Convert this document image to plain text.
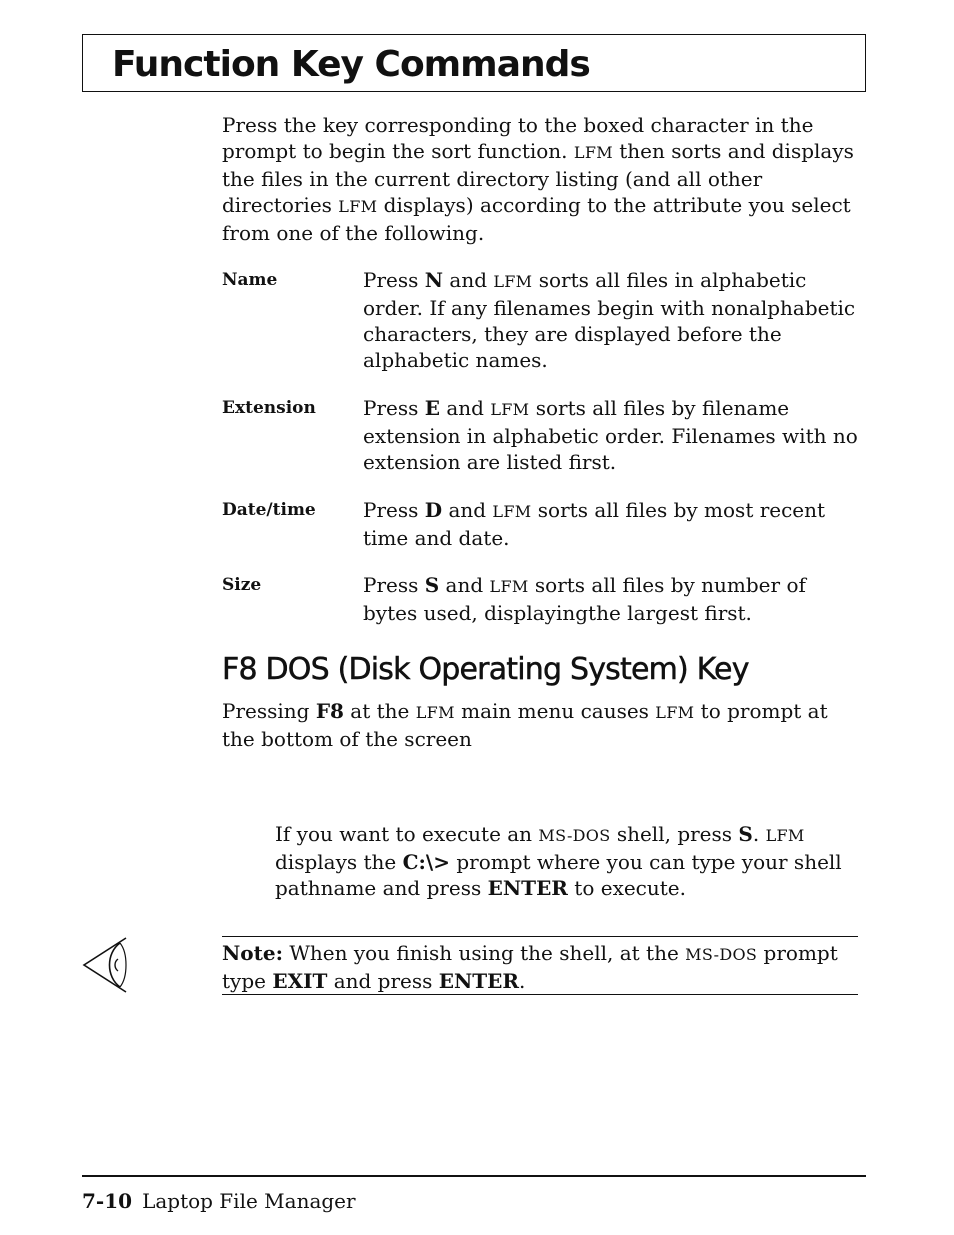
Function Key Commands
Press the key corresponding to the boxed character in the prompt to begin the sort function. LFM then sorts and displays the files in the current directory listing (and all other directories LFM displays) according to the attribute you select from one of the following.
Name	Press N and LFM sorts all files in alphabetic order. If any filenames begin with nonalphabetic characters, they are displayed before the alphabetic names.
Extension Press E and LFM sorts all files by filename extension in alphabetic order. Filenames with no extension are listed first.
Date/time Press D and LFM sorts all files by most recent time and date.
Size	Press S and LFM sorts all files by number of bytes used, displayingthe largest first.
F8 DOS (Disk Operating System) Key
Pressing F8 at the LFM main menu causes LFM to prompt at the bottom of the screen
If you want to execute an MS-DOS shell, press S. LFM displays the C:\> prompt where you can type your shell pathname and press ENTER to execute.
Note: When you finish using the shell, at the MS-DOS prompt type EXIT and press ENTER.
7-10 Laptop File Manager
